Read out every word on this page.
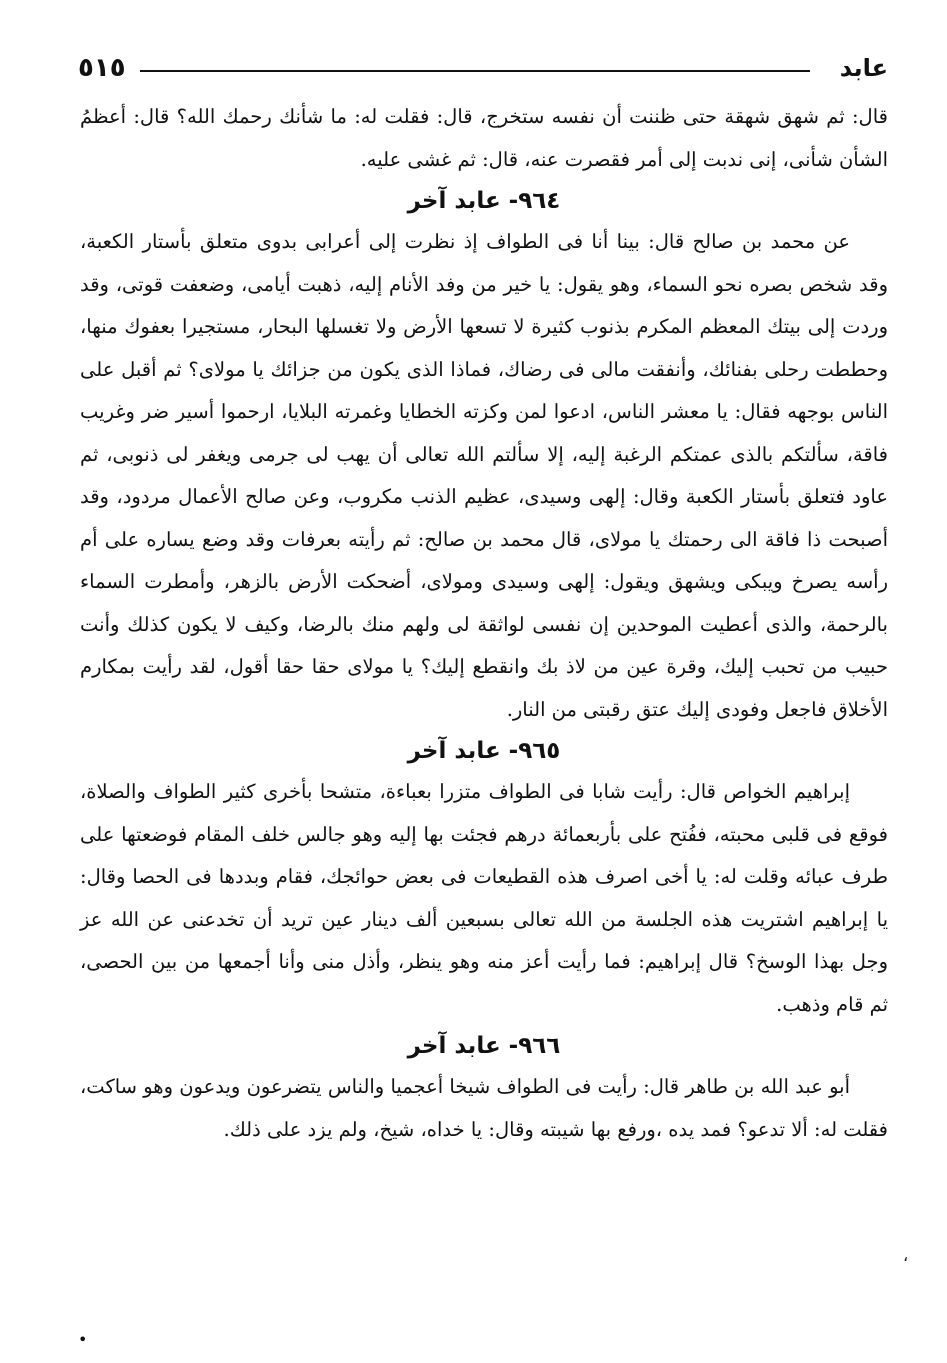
عابد
٥١٥

قال: ثم شهق شهقة حتى ظننت أن نفسه ستخرج، قال: فقلت له: ما شأنك رحمك الله؟ قال: أعظمُ الشأن شأنى، إنى ندبت إلى أمر فقصرت عنه، قال: ثم غشى عليه.

٩٦٤- عابد آخر

عن محمد بن صالح قال: بينا أنا فى الطواف إذ نظرت إلى أعرابى بدوى متعلق بأستار الكعبة، وقد شخص بصره نحو السماء، وهو يقول: يا خير من وفد الأنام إليه، ذهبت أيامى، وضعفت قوتى، وقد وردت إلى بيتك المعظم المكرم بذنوب كثيرة لا تسعها الأرض ولا تغسلها البحار، مستجيرا بعفوك منها، وحططت رحلى بفنائك، وأنفقت مالى فى رضاك، فماذا الذى يكون من جزائك يا مولاى؟ ثم أقبل على الناس بوجهه فقال: يا معشر الناس، ادعوا لمن وكزته الخطايا وغمرته البلايا، ارحموا أسير ضر وغريب فاقة، سألتكم بالذى عمتكم الرغبة إليه، إلا سألتم الله تعالى أن يهب لى جرمى ويغفر لى ذنوبى، ثم عاود فتعلق بأستار الكعبة وقال: إلهى وسيدى، عظيم الذنب مكروب، وعن صالح الأعمال مردود، وقد أصبحت ذا فاقة الى رحمتك يا مولاى، قال محمد بن صالح: ثم رأيته بعرفات وقد وضع يساره على أم رأسه يصرخ ويبكى ويشهق ويقول: إلهى وسيدى ومولاى، أضحكت الأرض بالزهر، وأمطرت السماء بالرحمة، والذى أعطيت الموحدين إن نفسى لواثقة لى ولهم منك بالرضا، وكيف لا يكون كذلك وأنت حبيب من تحبب إليك، وقرة عين من لاذ بك وانقطع إليك؟ يا مولاى حقا حقا أقول، لقد رأيت بمكارم الأخلاق فاجعل وفودى إليك عتق رقبتى من النار.

٩٦٥- عابد آخر

إبراهيم الخواص قال: رأيت شابا فى الطواف متزرا بعباءة، متشحا بأخرى كثير الطواف والصلاة، فوقع فى قلبى محبته، ففُتح على بأربعمائة درهم فجئت بها إليه وهو جالس خلف المقام فوضعتها على طرف عبائه وقلت له: يا أخى اصرف هذه القطيعات فى بعض حوائجك، فقام وبددها فى الحصا وقال: يا إبراهيم اشتريت هذه الجلسة من الله تعالى بسبعين ألف دينار عين تريد أن تخدعنى عن الله عز وجل بهذا الوسخ؟ قال إبراهيم: فما رأيت أعز منه وهو ينظر، وأذل منى وأنا أجمعها من بين الحصى، ثم قام وذهب.

٩٦٦- عابد آخر

أبو عبد الله بن طاهر قال: رأيت فى الطواف شيخا أعجميا والناس يتضرعون ويدعون وهو ساكت، فقلت له: ألا تدعو؟ فمد يده ،ورفع بها شيبته وقال: يا خداه، شيخ، ولم يزد على ذلك.

،
•
